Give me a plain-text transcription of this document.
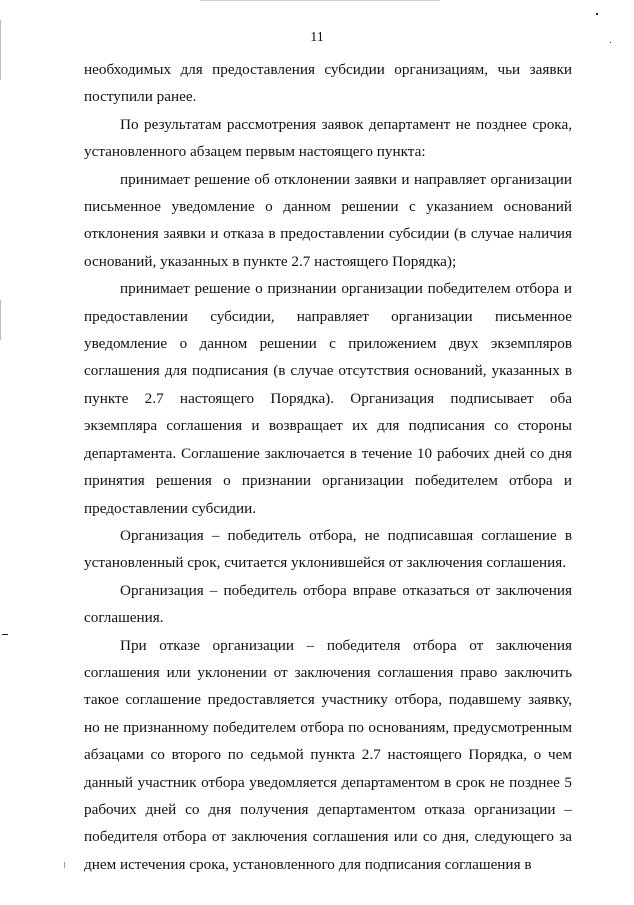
11

необходимых для предоставления субсидии организациям, чьи заявки поступили ранее.

По результатам рассмотрения заявок департамент не позднее срока, установленного абзацем первым настоящего пункта:

принимает решение об отклонении заявки и направляет организации письменное уведомление о данном решении с указанием оснований отклонения заявки и отказа в предоставлении субсидии (в случае наличия оснований, указанных в пункте 2.7 настоящего Порядка);

принимает решение о признании организации победителем отбора и предоставлении субсидии, направляет организации письменное уведомление о данном решении с приложением двух экземпляров соглашения для подписания (в случае отсутствия оснований, указанных в пункте 2.7 настоящего Порядка). Организация подписывает оба экземпляра соглашения и возвращает их для подписания со стороны департамента. Соглашение заключается в течение 10 рабочих дней со дня принятия решения о признании организации победителем отбора и предоставлении субсидии.

Организация – победитель отбора, не подписавшая соглашение в установленный срок, считается уклонившейся от заключения соглашения.

Организация – победитель отбора вправе отказаться от заключения соглашения.

При отказе организации – победителя отбора от заключения соглашения или уклонении от заключения соглашения право заключить такое соглашение предоставляется участнику отбора, подавшему заявку, но не признанному победителем отбора по основаниям, предусмотренным абзацами со второго по седьмой пункта 2.7 настоящего Порядка, о чем данный участник отбора уведомляется департаментом в срок не позднее 5 рабочих дней со дня получения департаментом отказа организации – победителя отбора от заключения соглашения или со дня, следующего за днем истечения срока, установленного для подписания соглашения в
